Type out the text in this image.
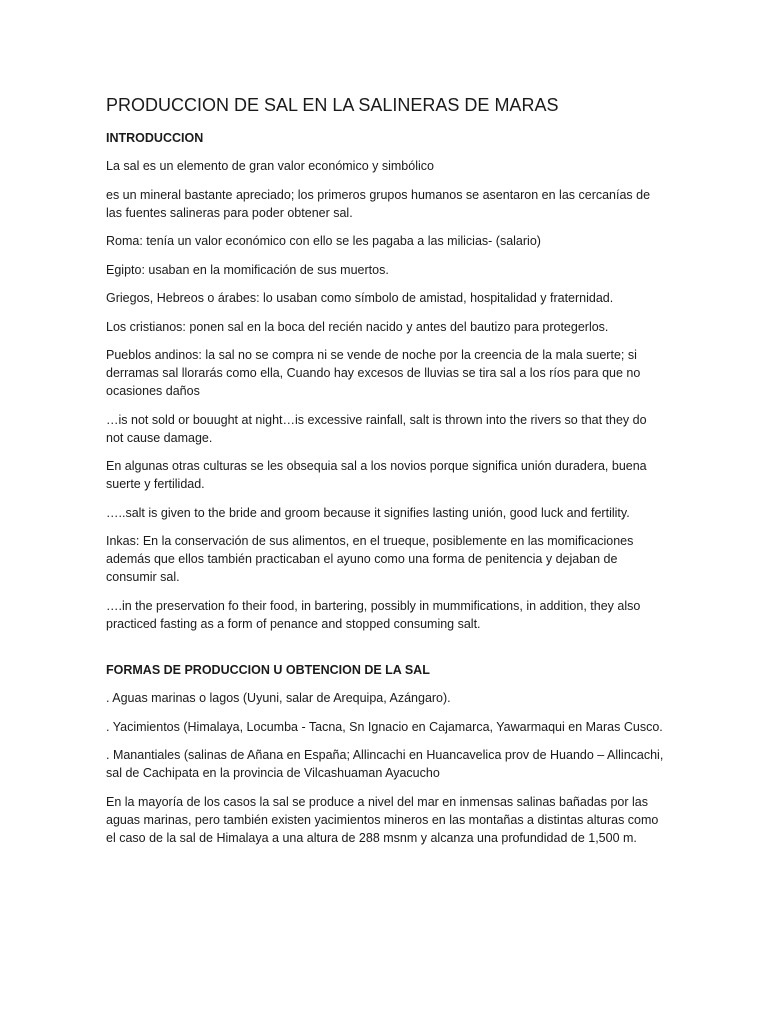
PRODUCCION DE SAL EN LA SALINERAS DE MARAS
INTRODUCCION

La sal es un elemento de gran valor económico y simbólico

es un mineral bastante apreciado; los primeros grupos humanos se asentaron en las cercanías de las fuentes salineras para poder obtener sal.

Roma: tenía un valor económico con ello se les pagaba a las milicias- (salario)

Egipto: usaban en la momificación de sus muertos.

Griegos, Hebreos o árabes: lo usaban como símbolo de amistad, hospitalidad y fraternidad.

Los cristianos: ponen sal en la boca del recién nacido y antes del bautizo para protegerlos.

Pueblos andinos: la sal no se compra ni se vende de noche por la creencia de la mala suerte; si derramas sal llorarás como ella, Cuando hay excesos de lluvias se tira sal a los ríos para que no ocasiones daños

…is not sold or bouught at night…is excessive rainfall, salt is thrown into the rivers so that they do not cause damage.

En algunas otras culturas se les obsequia sal a los novios porque significa unión duradera, buena suerte y fertilidad.

…..salt is given to the bride and groom because it signifies lasting unión, good luck and fertility.

Inkas: En la conservación de sus alimentos, en el trueque, posiblemente en las momificaciones además que ellos también practicaban el ayuno como una forma de penitencia y dejaban de consumir sal.

….in the preservation fo their food, in bartering, possibly in mummifications, in addition, they also practiced fasting as a form of penance and stopped consuming salt.

FORMAS DE PRODUCCION U OBTENCION DE LA SAL

. Aguas marinas o lagos (Uyuni, salar de Arequipa, Azángaro).

. Yacimientos (Himalaya, Locumba - Tacna, Sn Ignacio en Cajamarca, Yawarmaqui en Maras Cusco.

. Manantiales (salinas de Añana en España; Allincachi en Huancavelica prov de Huando – Allincachi, sal de Cachipata en la provincia de Vilcashuaman Ayacucho

En la mayoría de los casos la sal se produce a nivel del mar en inmensas salinas bañadas por las aguas marinas, pero también existen yacimientos mineros en las montañas a distintas alturas como el caso de la sal de Himalaya a una altura de 288 msnm y alcanza una profundidad de 1,500 m.
